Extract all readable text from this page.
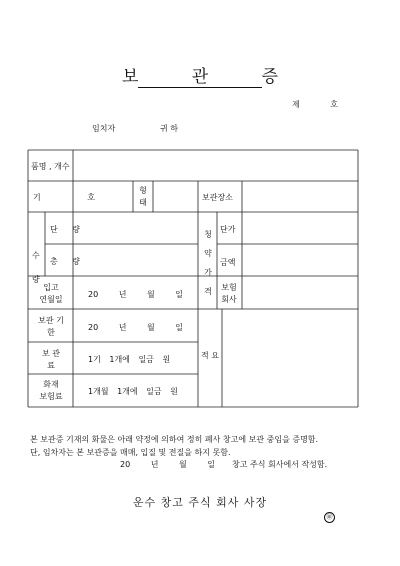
보 관 증
제 호
임치자	귀 하
품명 , 개수
기 호
형
태
보관장소

수 량

단 량
총 량
청
약
가
격
단가
금액
입고
연월일
20 년 월 일
보험
회사
보관 기
한
20 년 월 일
적 요
보 관
료
1기 1개에 일금 원
화재
보험료
1개월 1개에 일금 원
본 보관증 기재의 화물은 아래 약정에 의하여 정히 폐사 창고에 보관 중임을 증명함.
단, 임차자는 본 보관증을 매매, 입질 및 전질을 하지 못함.
20 년 월 일 창고 주식 회사에서 작성함.
운수 창고 주식 회사 사장
㊞
